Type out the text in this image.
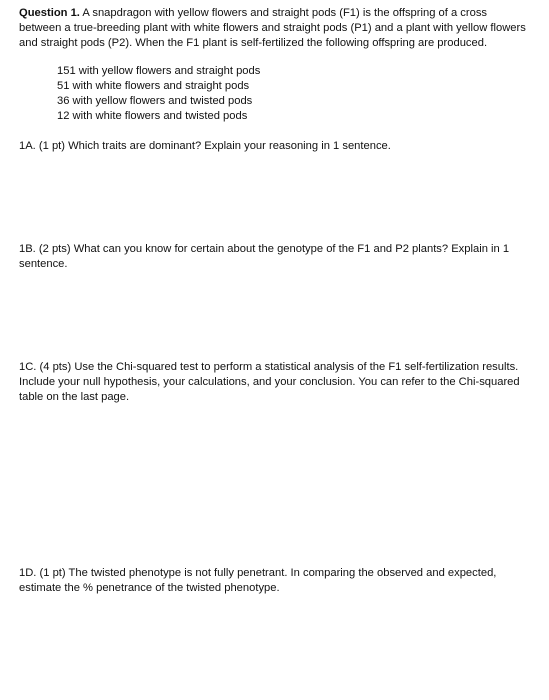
Question 1. A snapdragon with yellow flowers and straight pods (F1) is the offspring of a cross between a true-breeding plant with white flowers and straight pods (P1) and a plant with yellow flowers and straight pods (P2). When the F1 plant is self-fertilized the following offspring are produced.

151 with yellow flowers and straight pods
51 with white flowers and straight pods
36 with yellow flowers and twisted pods
12 with white flowers and twisted pods

1A. (1 pt) Which traits are dominant? Explain your reasoning in 1 sentence.

1B. (2 pts) What can you know for certain about the genotype of the F1 and P2 plants? Explain in 1 sentence.

1C. (4 pts) Use the Chi-squared test to perform a statistical analysis of the F1 self-fertilization results. Include your null hypothesis, your calculations, and your conclusion. You can refer to the Chi-squared table on the last page.

1D. (1 pt) The twisted phenotype is not fully penetrant. In comparing the observed and expected, estimate the % penetrance of the twisted phenotype.
